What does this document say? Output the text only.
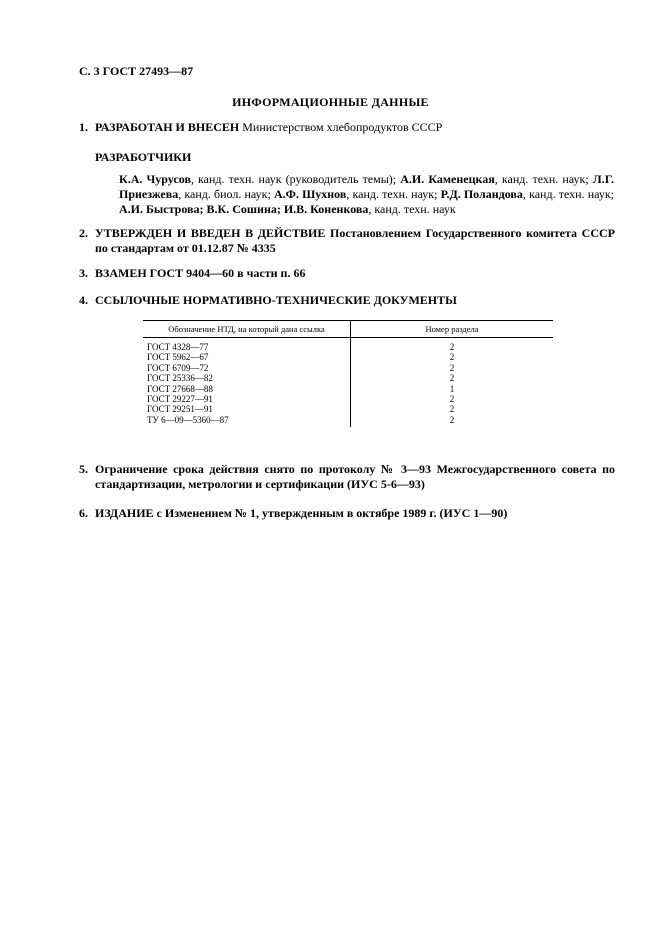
С. 3 ГОСТ 27493—87
ИНФОРМАЦИОННЫЕ ДАННЫЕ
1. РАЗРАБОТАН И ВНЕСЕН Министерством хлебопродуктов СССР
РАЗРАБОТЧИКИ
К.А. Чурусов, канд. техн. наук (руководитель темы); А.И. Каменецкая, канд. техн. наук; Л.Г. Приезжева, канд. биол. наук; А.Ф. Шухнов, канд. техн. наук; Р.Д. Поландова, канд. техн. наук; А.И. Быстрова; В.К. Сошина; И.В. Коненкова, канд. техн. наук
2. УТВЕРЖДЕН И ВВЕДЕН В ДЕЙСТВИЕ Постановлением Государственного комитета СССР по стандартам от 01.12.87 № 4335
3. ВЗАМЕН ГОСТ 9404—60 в части п. 66
4. ССЫЛОЧНЫЕ НОРМАТИВНО-ТЕХНИЧЕСКИЕ ДОКУМЕНТЫ
Обозначение НТД, на который дана ссылка	Номер раздела
ГОСТ 4328—77	2
ГОСТ 5962—67	2
ГОСТ 6709—72	2
ГОСТ 25336—82	2
ГОСТ 27668—88	1
ГОСТ 29227—91	2
ГОСТ 29251—91	2
ТУ 6—09—5360—87	2
5. Ограничение срока действия снято по протоколу № 3—93 Межгосударственного совета по стандартизации, метрологии и сертификации (ИУС 5-6—93)
6. ИЗДАНИЕ с Изменением № 1, утвержденным в октябре 1989 г. (ИУС 1—90)
